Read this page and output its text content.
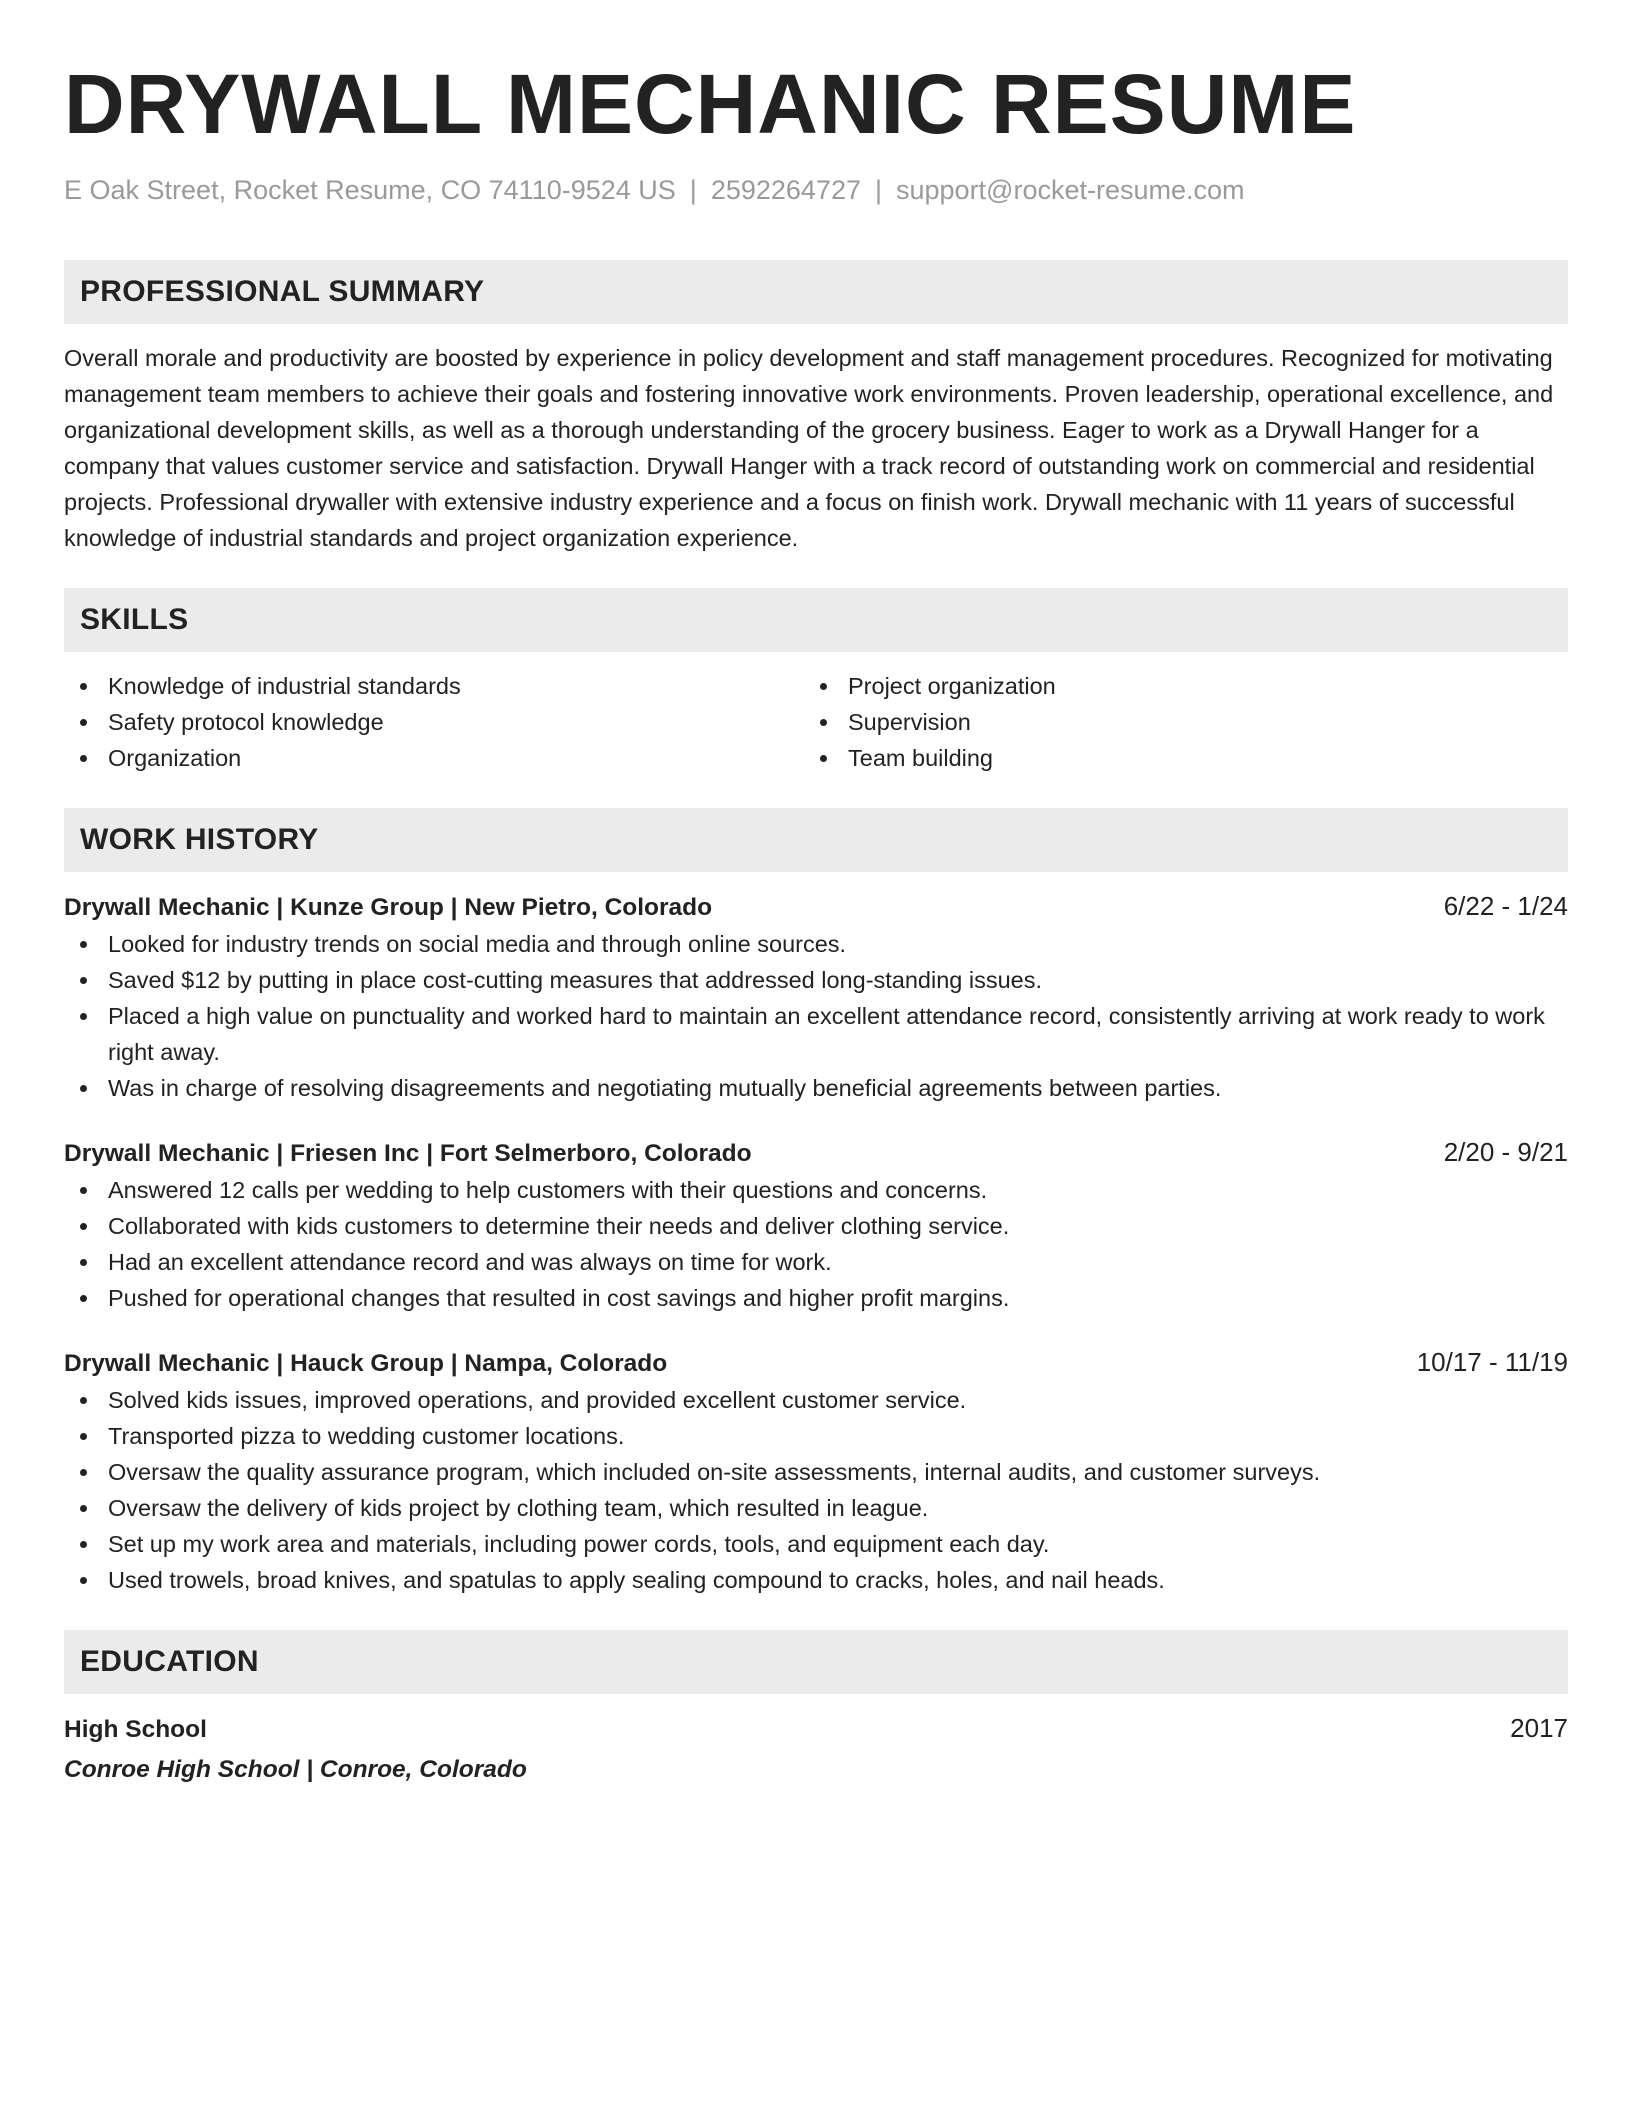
DRYWALL MECHANIC RESUME
E Oak Street, Rocket Resume, CO 74110-9524 US | 2592264727 | support@rocket-resume.com
PROFESSIONAL SUMMARY
Overall morale and productivity are boosted by experience in policy development and staff management procedures. Recognized for motivating management team members to achieve their goals and fostering innovative work environments. Proven leadership, operational excellence, and organizational development skills, as well as a thorough understanding of the grocery business. Eager to work as a Drywall Hanger for a company that values customer service and satisfaction. Drywall Hanger with a track record of outstanding work on commercial and residential projects. Professional drywaller with extensive industry experience and a focus on finish work. Drywall mechanic with 11 years of successful knowledge of industrial standards and project organization experience.
SKILLS
Knowledge of industrial standards
Safety protocol knowledge
Organization
Project organization
Supervision
Team building
WORK HISTORY
Drywall Mechanic | Kunze Group | New Pietro, Colorado	6/22 - 1/24
Looked for industry trends on social media and through online sources.
Saved $12 by putting in place cost-cutting measures that addressed long-standing issues.
Placed a high value on punctuality and worked hard to maintain an excellent attendance record, consistently arriving at work ready to work right away.
Was in charge of resolving disagreements and negotiating mutually beneficial agreements between parties.
Drywall Mechanic | Friesen Inc | Fort Selmerboro, Colorado	2/20 - 9/21
Answered 12 calls per wedding to help customers with their questions and concerns.
Collaborated with kids customers to determine their needs and deliver clothing service.
Had an excellent attendance record and was always on time for work.
Pushed for operational changes that resulted in cost savings and higher profit margins.
Drywall Mechanic | Hauck Group | Nampa, Colorado	10/17 - 11/19
Solved kids issues, improved operations, and provided excellent customer service.
Transported pizza to wedding customer locations.
Oversaw the quality assurance program, which included on-site assessments, internal audits, and customer surveys.
Oversaw the delivery of kids project by clothing team, which resulted in league.
Set up my work area and materials, including power cords, tools, and equipment each day.
Used trowels, broad knives, and spatulas to apply sealing compound to cracks, holes, and nail heads.
EDUCATION
High School	2017
Conroe High School | Conroe, Colorado
